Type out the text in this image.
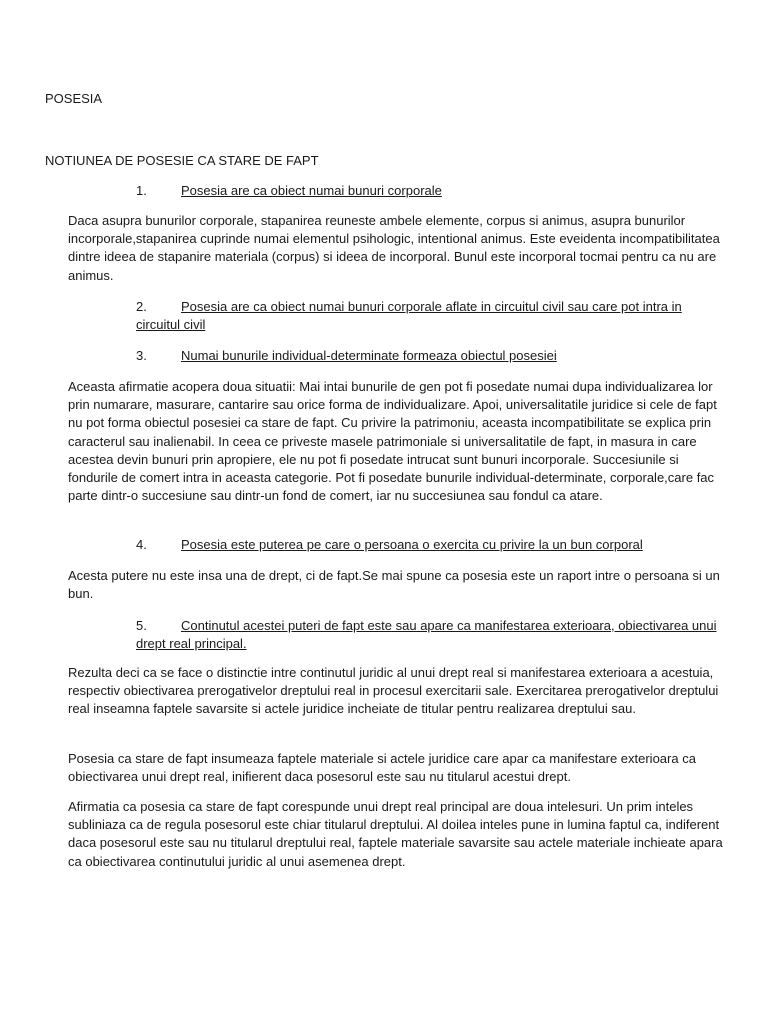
POSESIA
NOTIUNEA DE POSESIE CA STARE DE FAPT
1.	Posesia are ca obiect numai bunuri corporale

Daca asupra bunurilor corporale, stapanirea reuneste ambele elemente, corpus si animus, asupra bunurilor incorporale,stapanirea cuprinde numai elementul psihologic, intentional animus. Este eveidenta incompatibilitatea dintre ideea de stapanire materiala (corpus) si ideea de incorporal. Bunul este incorporal tocmai pentru ca nu are animus.

2.	Posesia are ca obiect numai bunuri corporale aflate in circuitul civil sau care pot intra in circuitul civil
3.	Numai bunurile individual-determinate formeaza obiectul posesiei

Aceasta afirmatie acopera doua situatii: Mai intai bunurile de gen pot fi posedate numai dupa individualizarea lor prin numarare, masurare, cantarire sau orice forma de individualizare. Apoi, universalitatile juridice si cele de fapt nu pot forma obiectul posesiei ca stare de fapt. Cu privire la patrimoniu, aceasta incompatibilitate se explica prin caracterul sau inalienabil. In ceea ce priveste masele patrimoniale si universalitatile de fapt, in masura in care acestea devin bunuri prin apropiere, ele nu pot fi posedate intrucat sunt bunuri incorporale. Succesiunile si fondurile de comert intra in aceasta categorie. Pot fi posedate bunurile individual-determinate, corporale,care fac parte dintr-o succesiune sau dintr-un fond de comert, iar nu succesiunea sau fondul ca atare.

4.	Posesia este puterea pe care o persoana o exercita cu privire la un bun corporal

Acesta putere nu este insa una de drept, ci de fapt.Se mai spune ca posesia este un raport intre o persoana si un bun.

5.	Continutul acestei puteri de fapt este sau apare ca manifestarea exterioara, obiectivarea unui drept real principal.

Rezulta deci ca se face o distinctie intre continutul juridic al unui drept real si manifestarea exterioara a acestuia, respectiv obiectivarea prerogativelor dreptului real in procesul exercitarii sale. Exercitarea prerogativelor dreptului real inseamna faptele savarsite si actele juridice incheiate de titular pentru realizarea dreptului sau.

Posesia ca stare de fapt insumeaza faptele materiale si actele juridice care apar ca manifestare exterioara ca obiectivarea unui drept real, inifierent daca posesorul este sau nu titularul acestui drept.

Afirmatia ca posesia ca stare de fapt corespunde unui drept real principal are doua intelesuri. Un prim inteles subliniaza ca de regula posesorul este chiar titularul dreptului. Al doilea inteles pune in lumina faptul ca, indiferent daca posesorul este sau nu titularul dreptului real, faptele materiale savarsite sau actele materiale inchieate apara ca obiectivarea continutului juridic al unui asemenea drept.
